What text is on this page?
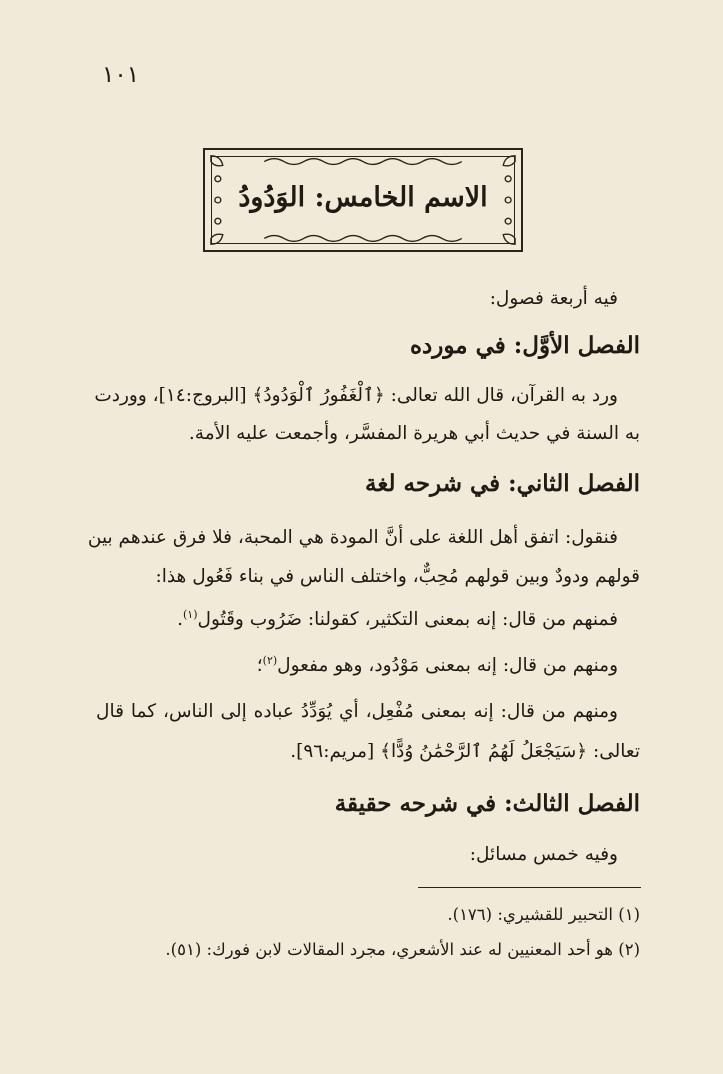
١٠١
الاسم الخامس: الوَدُودُ
فيه أربعة فصول:
الفصل الأوَّل: في مورده
ورد به القرآن، قال الله تعالى: ﴿ٱلْغَفُورُ ٱلْوَدُودُ﴾ [البروج:١٤]، ووردت
به السنة في حديث أبي هريرة المفسَّر، وأجمعت عليه الأمة.
الفصل الثاني: في شرحه لغة
فنقول: اتفق أهل اللغة على أنَّ المودة هي المحبة، فلا فرق عندهم بين
قولهم ودودٌ وبين قولهم مُحِبٌّ، واختلف الناس في بناء فَعُول هذا:
فمنهم من قال: إنه بمعنى التكثير، كقولنا: ضَرُوب وقَتُول$^{(١)}$.
ومنهم من قال: إنه بمعنى مَوْدُود، وهو مفعول$^{(٢)}$؛
ومنهم من قال: إنه بمعنى مُفْعِل، أي يُوَدِّدُ عباده إلى الناس، كما قال
تعالى: ﴿سَيَجْعَلُ لَهُمُ ٱلرَّحْمَٰنُ وُدًّا﴾ [مريم:٩٦].
الفصل الثالث: في شرحه حقيقة
وفيه خمس مسائل:
(١) التحبير للقشيري: (١٧٦).
(٢) هو أحد المعنيين له عند الأشعري، مجرد المقالات لابن فورك: (٥١).
